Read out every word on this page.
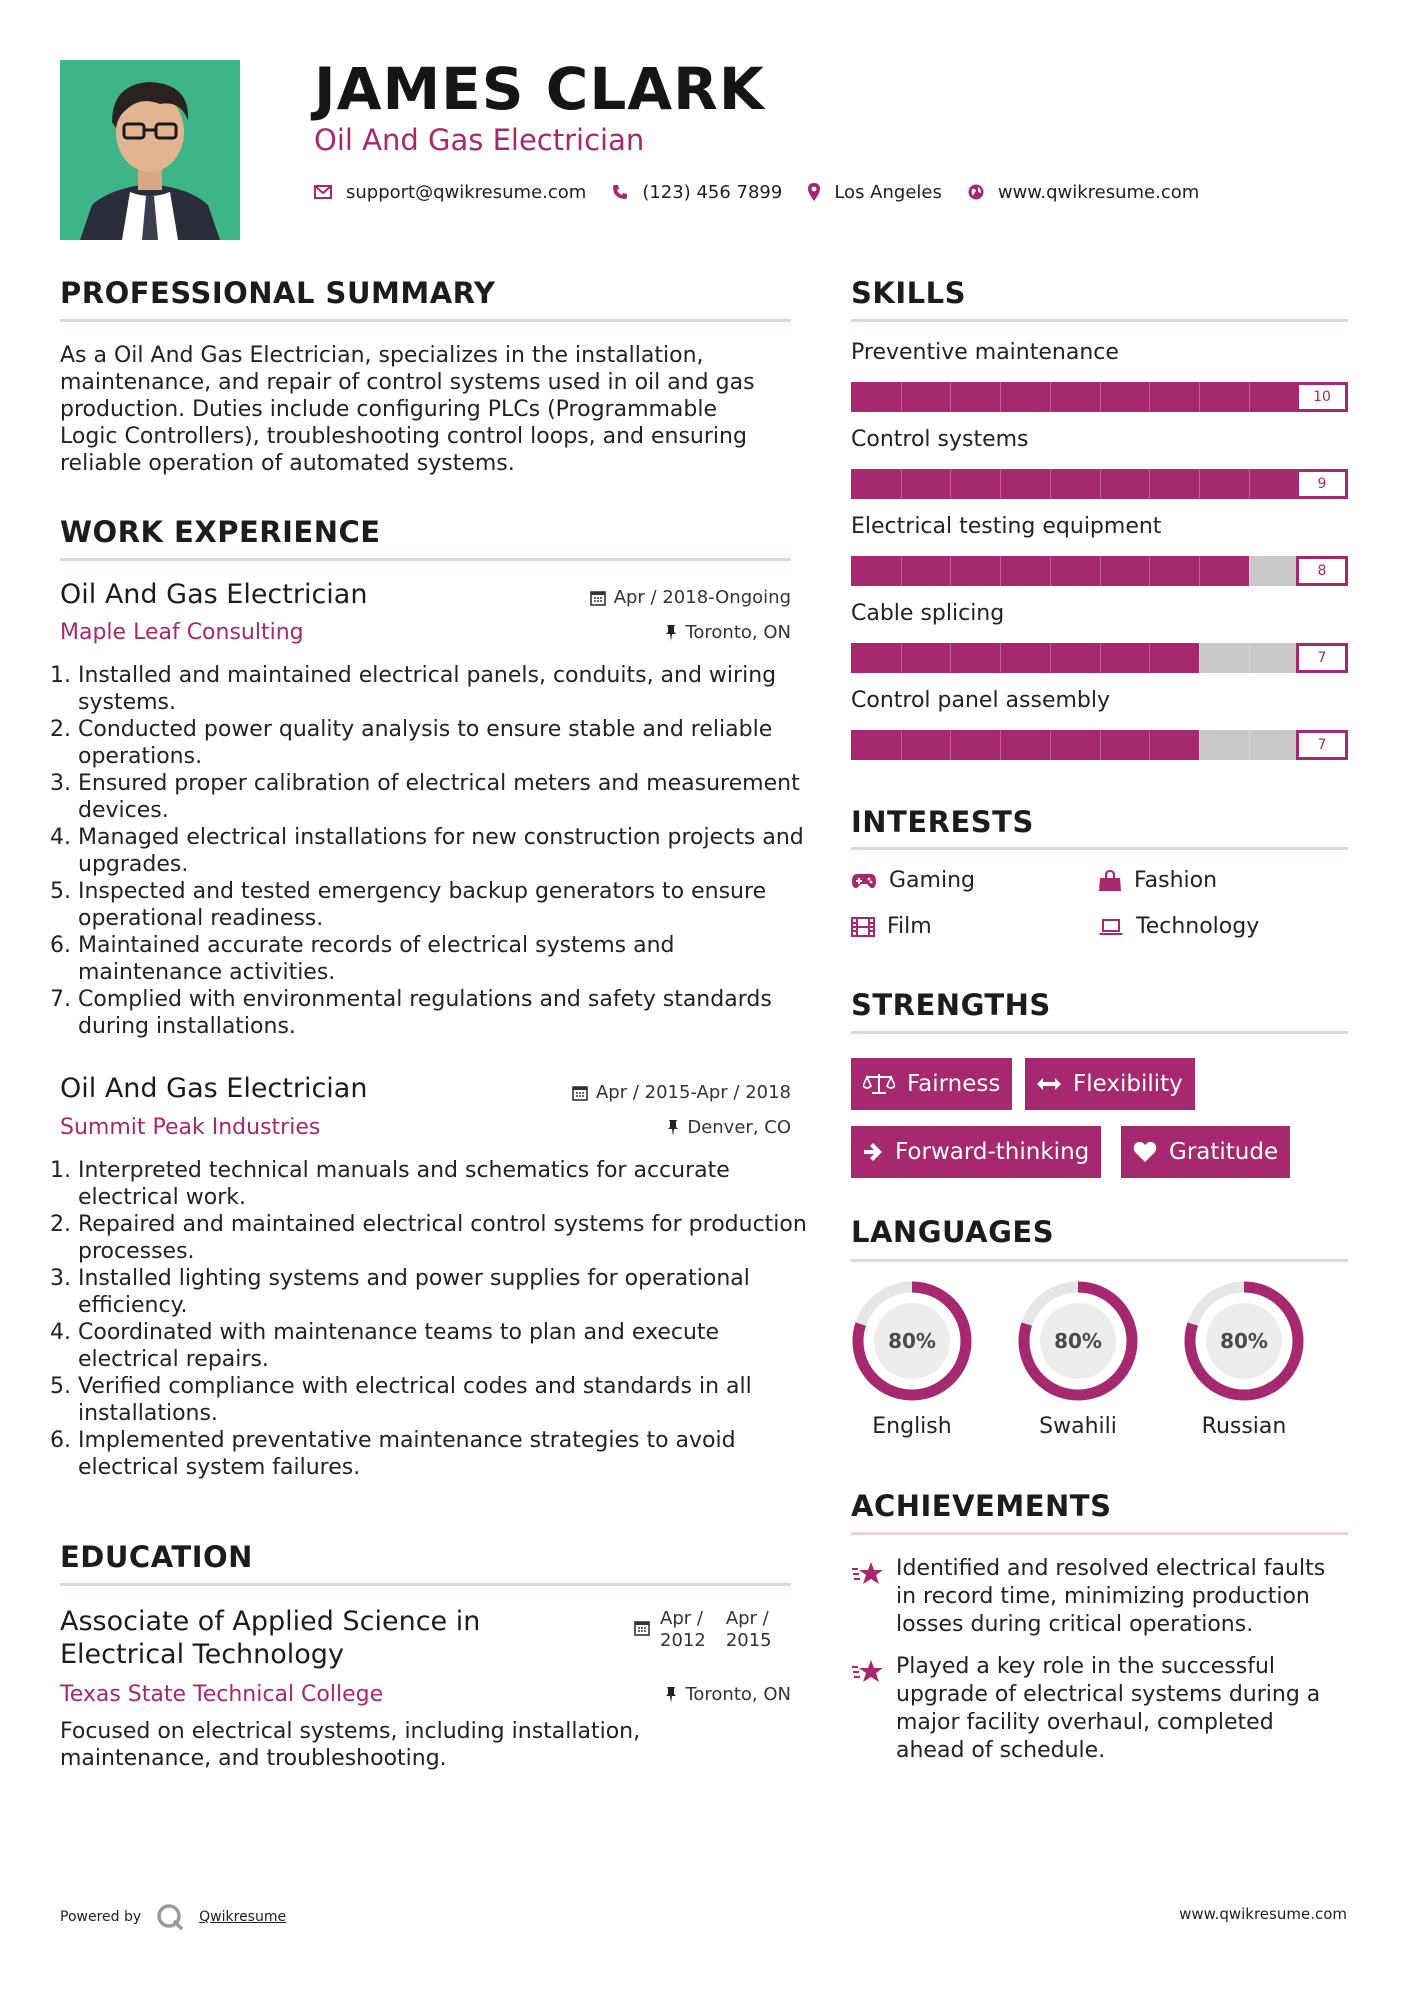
JAMES CLARK
Oil And Gas Electrician
support@qwikresume.com	(123) 456 7899	Los Angeles	www.qwikresume.com
PROFESSIONAL SUMMARY
As a Oil And Gas Electrician, specializes in the installation, maintenance, and repair of control systems used in oil and gas production. Duties include configuring PLCs (Programmable Logic Controllers), troubleshooting control loops, and ensuring reliable operation of automated systems.
WORK EXPERIENCE
Oil And Gas Electrician	Apr / 2018-Ongoing
Maple Leaf Consulting	Toronto, ON
1. Installed and maintained electrical panels, conduits, and wiring systems.
2. Conducted power quality analysis to ensure stable and reliable operations.
3. Ensured proper calibration of electrical meters and measurement devices.
4. Managed electrical installations for new construction projects and upgrades.
5. Inspected and tested emergency backup generators to ensure operational readiness.
6. Maintained accurate records of electrical systems and maintenance activities.
7. Complied with environmental regulations and safety standards during installations.
Oil And Gas Electrician	Apr / 2015-Apr / 2018
Summit Peak Industries	Denver, CO
1. Interpreted technical manuals and schematics for accurate electrical work.
2. Repaired and maintained electrical control systems for production processes.
3. Installed lighting systems and power supplies for operational efficiency.
4. Coordinated with maintenance teams to plan and execute electrical repairs.
5. Verified compliance with electrical codes and standards in all installations.
6. Implemented preventative maintenance strategies to avoid electrical system failures.
EDUCATION
Associate of Applied Science in
Electrical Technology
Apr /
2012
Apr /
2015
Texas State Technical College	Toronto, ON
Focused on electrical systems, including installation, maintenance, and troubleshooting.
SKILLS
Preventive maintenance
10
Control systems
9
Electrical testing equipment
8
Cable splicing
7
Control panel assembly
7
INTERESTS
Gaming	Fashion
Film	Technology
STRENGTHS
Fairness	Flexibility
Forward-thinking	Gratitude
LANGUAGES
80%
English
80%
Swahili
80%
Russian
ACHIEVEMENTS
Identified and resolved electrical faults in record time, minimizing production losses during critical operations.
Played a key role in the successful upgrade of electrical systems during a major facility overhaul, completed ahead of schedule.
Powered by	Qwikresume	www.qwikresume.com
